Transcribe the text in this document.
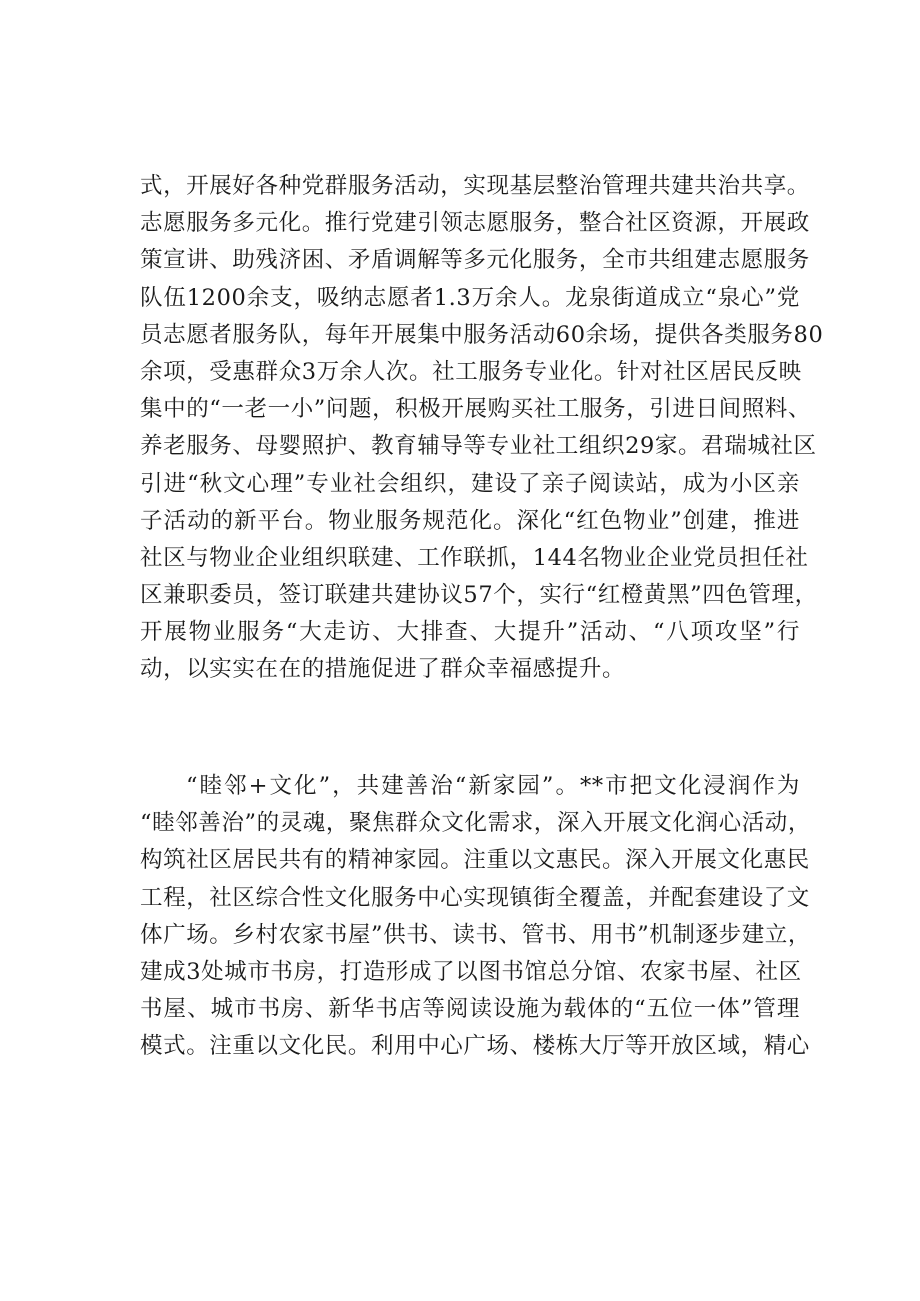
式，开展好各种党群服务活动，实现基层整治管理共建共治共享。
志愿服务多元化。推行党建引领志愿服务，整合社区资源，开展政
策宣讲、助残济困、矛盾调解等多元化服务，全市共组建志愿服务
队伍1200余支，吸纳志愿者1.3万余人。龙泉街道成立“泉心”党
员志愿者服务队，每年开展集中服务活动60余场，提供各类服务80
余项，受惠群众3万余人次。社工服务专业化。针对社区居民反映
集中的“一老一小”问题，积极开展购买社工服务，引进日间照料、
养老服务、母婴照护、教育辅导等专业社工组织29家。君瑞城社区
引进“秋文心理”专业社会组织，建设了亲子阅读站，成为小区亲
子活动的新平台。物业服务规范化。深化“红色物业”创建，推进
社区与物业企业组织联建、工作联抓，144名物业企业党员担任社
区兼职委员，签订联建共建协议57个，实行“红橙黄黑”四色管理，
开展物业服务“大走访、大排查、大提升”活动、“八项攻坚”行
动，以实实在在的措施促进了群众幸福感提升。
“睦邻+文化”，共建善治“新家园”。**市把文化浸润作为
“睦邻善治”的灵魂，聚焦群众文化需求，深入开展文化润心活动，
构筑社区居民共有的精神家园。注重以文惠民。深入开展文化惠民
工程，社区综合性文化服务中心实现镇街全覆盖，并配套建设了文
体广场。乡村农家书屋”供书、读书、管书、用书”机制逐步建立，
建成3处城市书房，打造形成了以图书馆总分馆、农家书屋、社区
书屋、城市书房、新华书店等阅读设施为载体的“五位一体”管理
模式。注重以文化民。利用中心广场、楼栋大厅等开放区域，精心
